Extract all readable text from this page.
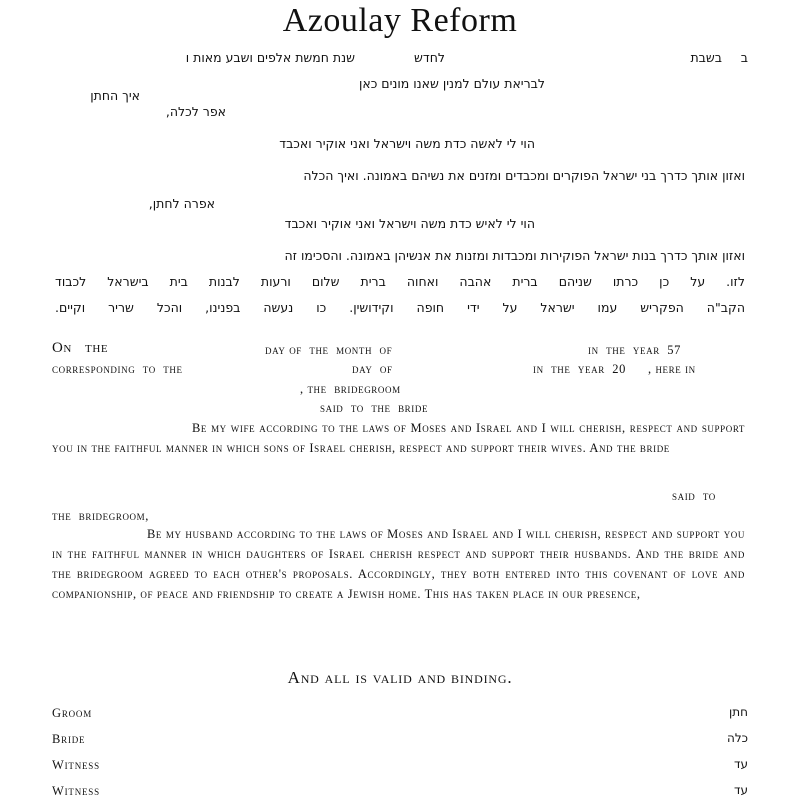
Azoulay Reform
ב
בשבת
לחדש
שנת חמשת אלפים ושבע מאות ו
לבריאת עולם למנין שאנו מונים כאן
איך החתן
אפר לכלה,
הוי לי לאשה כדת משה וישראל ואני אוקיר ואכבד
ואזון אותך כדרך בני ישראל הפוקרים ומכבדים ומזנים את נשיהם באמונה. ואיך הכלה
אפרה לחתן,
הוי לי לאיש כדת משה וישראל ואני אוקיר ואכבד
ואזון אותך כדרך בנות ישראל הפוקירות ומכבדות ומזנות את אנשיהן באמונה. והסכימו זה
לזו. על כן כרתו שניהם ברית אהבה ואחוה ברית שלום ורעות לבנות בית בישראל לכבוד
הקב"ה הפקריש עמו ישראל על ידי חופה וקידושין. כו נעשה בפנינו, והכל שריר וקיים.
On   the	day of  the  month  of	in  the  year  57
corresponding  to  the	day  of	in  the  year  20 , here in
, the  bridegroom
said  to  the  bride
Be my wife according to the laws of Moses and Israel and I will cherish, respect and support you in the faithful manner in which sons of Israel cherish, respect and support their wives. And the bride
said  to
the  bridegroom,
Be my husband according to the laws of Moses and Israel and I will cherish, respect and support you in the faithful manner in which daughters of Israel cherish respect and support their husbands. And the bride and the bridegroom agreed to each other's proposals. Accordingly, they both entered into this covenant of love and companionship, of peace and friendship to create a Jewish home. This has taken place in our presence,
And all is valid and binding.
Groom	חתן
Bride	כלה
Witness	עד
Witness	עד
